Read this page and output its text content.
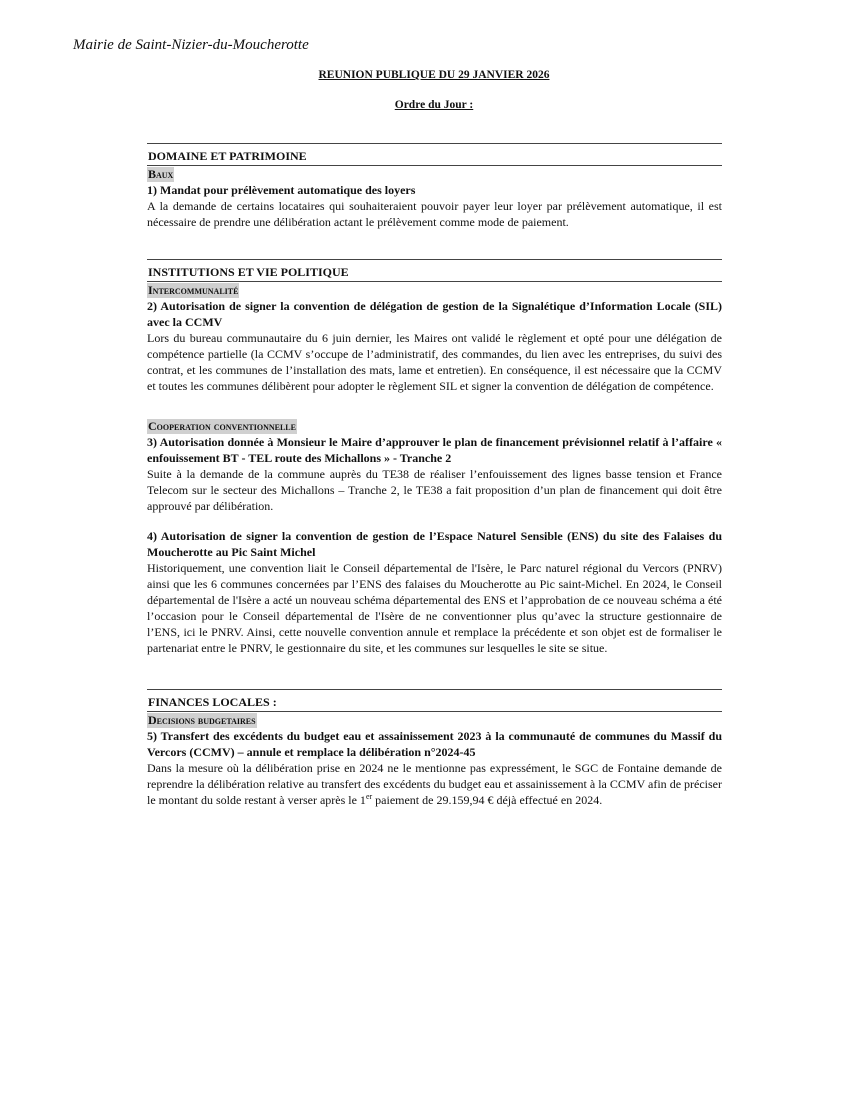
Mairie de Saint-Nizier-du-Moucherotte
REUNION PUBLIQUE DU 29 JANVIER 2026
Ordre du Jour :
DOMAINE ET PATRIMOINE
Baux
1) Mandat pour prélèvement automatique des loyers
A la demande de certains locataires qui souhaiteraient pouvoir payer leur loyer par prélèvement automatique, il est nécessaire de prendre une délibération actant le prélèvement comme mode de paiement.
INSTITUTIONS ET VIE POLITIQUE
Intercommunalité
2) Autorisation de signer la convention de délégation de gestion de la Signalétique d’Information Locale (SIL) avec la CCMV
Lors du bureau communautaire du 6 juin dernier, les Maires ont validé le règlement et opté pour une délégation de compétence partielle (la CCMV s’occupe de l’administratif, des commandes, du lien avec les entreprises, du suivi des contrat, et les communes de l’installation des mats, lame et entretien). En conséquence, il est nécessaire que la CCMV et toutes les communes délibèrent pour adopter le règlement SIL et signer la convention de délégation de compétence.
Cooperation conventionnelle
3) Autorisation donnée à Monsieur le Maire d’approuver le plan de financement prévisionnel relatif à l’affaire « enfouissement BT - TEL route des Michallons » - Tranche 2
Suite à la demande de la commune auprès du TE38 de réaliser l’enfouissement des lignes basse tension et France Telecom sur le secteur des Michallons – Tranche 2, le TE38 a fait proposition d’un plan de financement qui doit être approuvé par délibération.
4) Autorisation de signer la convention de gestion de l’Espace Naturel Sensible (ENS) du site des Falaises du Moucherotte au Pic Saint Michel
Historiquement, une convention liait le Conseil départemental de l'Isère, le Parc naturel régional du Vercors (PNRV) ainsi que les 6 communes concernées par l’ENS des falaises du Moucherotte au Pic saint-Michel. En 2024, le Conseil départemental de l'Isère a acté un nouveau schéma départemental des ENS et l’approbation de ce nouveau schéma a été l’occasion pour le Conseil départemental de l'Isère de ne conventionner plus qu’avec la structure gestionnaire de l’ENS, ici le PNRV. Ainsi, cette nouvelle convention annule et remplace la précédente et son objet est de formaliser le partenariat entre le PNRV, le gestionnaire du site, et les communes sur lesquelles le site se situe.
FINANCES LOCALES :
Decisions budgetaires
5) Transfert des excédents du budget eau et assainissement 2023 à la communauté de communes du Massif du Vercors (CCMV) – annule et remplace la délibération n°2024-45
Dans la mesure où la délibération prise en 2024 ne le mentionne pas expressément, le SGC de Fontaine demande de reprendre la délibération relative au transfert des excédents du budget eau et assainissement à la CCMV afin de préciser le montant du solde restant à verser après le 1er paiement de 29.159,94 € déjà effectué en 2024.
